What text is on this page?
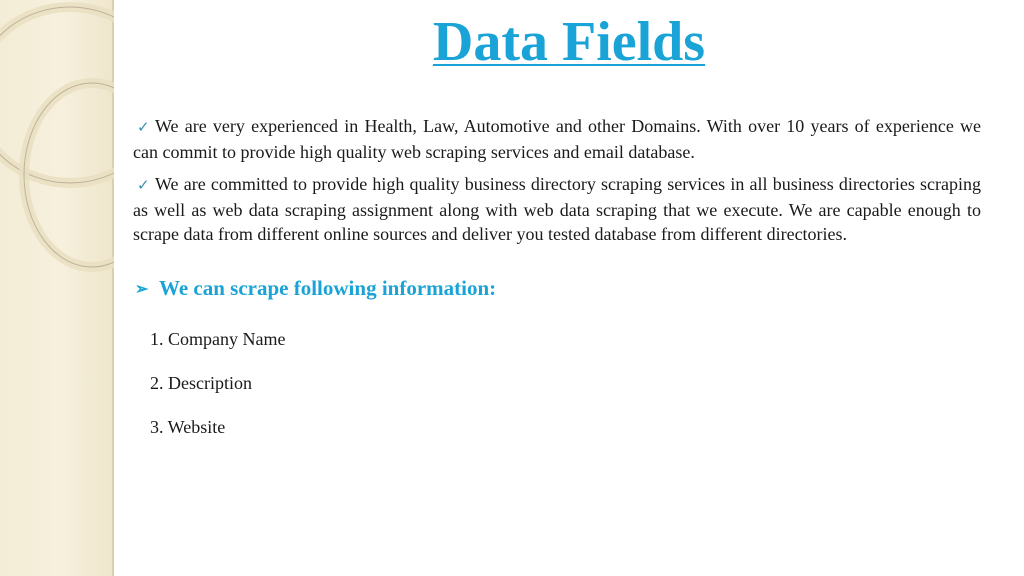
Data Fields

✓ We are very experienced in Health, Law, Automotive and other Domains. With over 10 years of experience we can commit to provide high quality web scraping services and email database.

✓ We are committed to provide high quality business directory scraping services in all business directories scraping as well as web data scraping assignment along with web data scraping that we execute. We are capable enough to scrape data from different online sources and deliver you tested database from different directories.

➢ We can scrape following information:
1. Company Name
2. Description
3. Website
